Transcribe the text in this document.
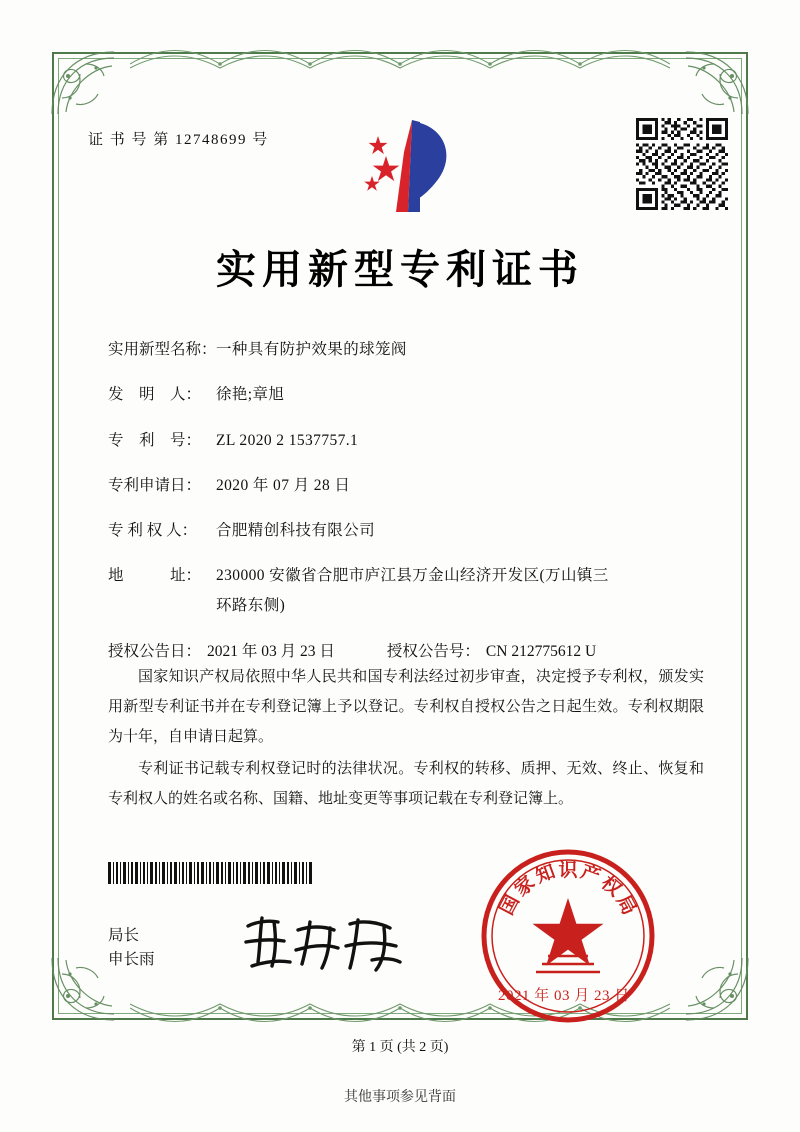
证 书 号 第 12748699 号
实用新型专利证书
实用新型名称： 一种具有防护效果的球笼阀
发　明　人： 徐艳;章旭
专　利　号： ZL 2020 2 1537757.1
专利申请日： 2020 年 07 月 28 日
专 利 权 人：	合肥精创科技有限公司
地　　　址： 230000 安徽省合肥市庐江县万金山经济开发区(万山镇三
环路东侧)
授权公告日： 2021 年 03 月 23 日	授权公告号： CN 212775612 U

国家知识产权局依照中华人民共和国专利法经过初步审查，决定授予专利权，颁发实用新型专利证书并在专利登记簿上予以登记。专利权自授权公告之日起生效。专利权期限为十年，自申请日起算。

专利证书记载专利权登记时的法律状况。专利权的转移、质押、无效、终止、恢复和专利权人的姓名或名称、国籍、地址变更等事项记载在专利登记簿上。

局长
申长雨
国
家
知 识 产
权
局
2021 年 03 月 23 日
第 1 页 (共 2 页)
其他事项参见背面
